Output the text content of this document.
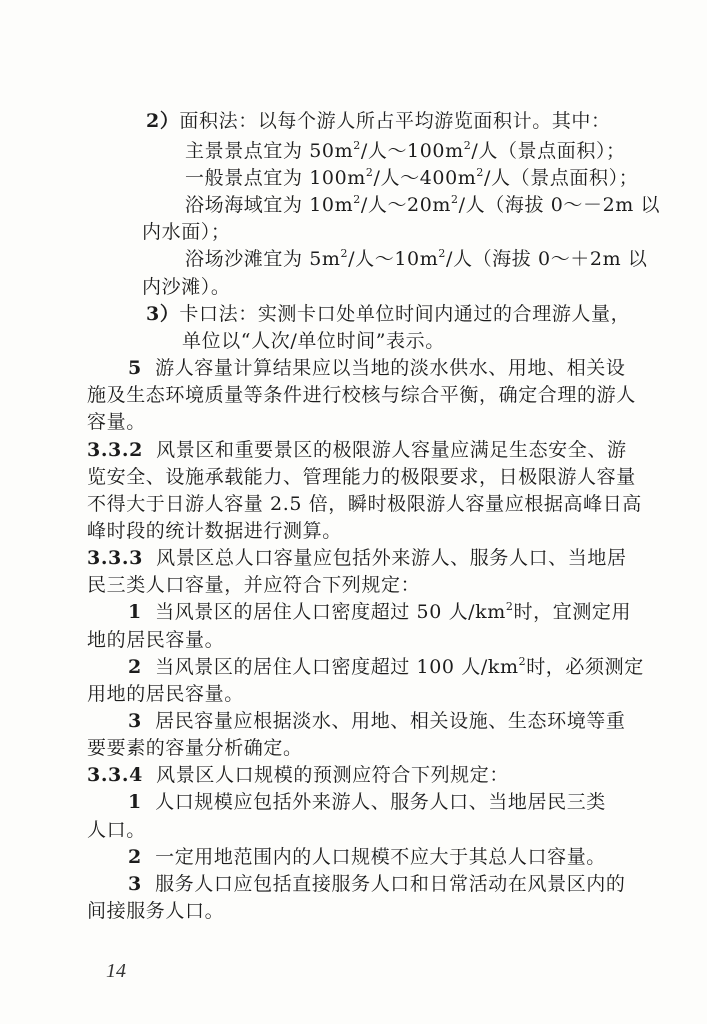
2）面积法：以每个游人所占平均游览面积计。其中：
主景景点宜为 $50m^2/$人$\sim 100m^2/$人（景点面积）；
一般景点宜为 $100m^2/$人$\sim 400m^2/$人（景点面积）；
浴场海域宜为 $10m^2/$人$\sim 20m^2/$人（海拔 0～－2m 以
内水面）；
浴场沙滩宜为 $5m^2/$人$\sim 10m^2/$人（海拔 0～＋2m 以
内沙滩）。
3）卡口法：实测卡口处单位时间内通过的合理游人量，
单位以“人次/单位时间”表示。
5 游人容量计算结果应以当地的淡水供水、用地、相关设
施及生态环境质量等条件进行校核与综合平衡，确定合理的游人
容量。
3.3.2 风景区和重要景区的极限游人容量应满足生态安全、游
览安全、设施承载能力、管理能力的极限要求，日极限游人容量
不得大于日游人容量 2.5 倍，瞬时极限游人容量应根据高峰日高
峰时段的统计数据进行测算。
3.3.3 风景区总人口容量应包括外来游人、服务人口、当地居
民三类人口容量，并应符合下列规定：
1 当风景区的居住人口密度超过 50 人$/km^2$时，宜测定用
地的居民容量。
2 当风景区的居住人口密度超过 100 人$/km^2$时，必须测定
用地的居民容量。
3 居民容量应根据淡水、用地、相关设施、生态环境等重
要要素的容量分析确定。
3.3.4 风景区人口规模的预测应符合下列规定：
1 人口规模应包括外来游人、服务人口、当地居民三类
人口。
2 一定用地范围内的人口规模不应大于其总人口容量。
3 服务人口应包括直接服务人口和日常活动在风景区内的
间接服务人口。
14
